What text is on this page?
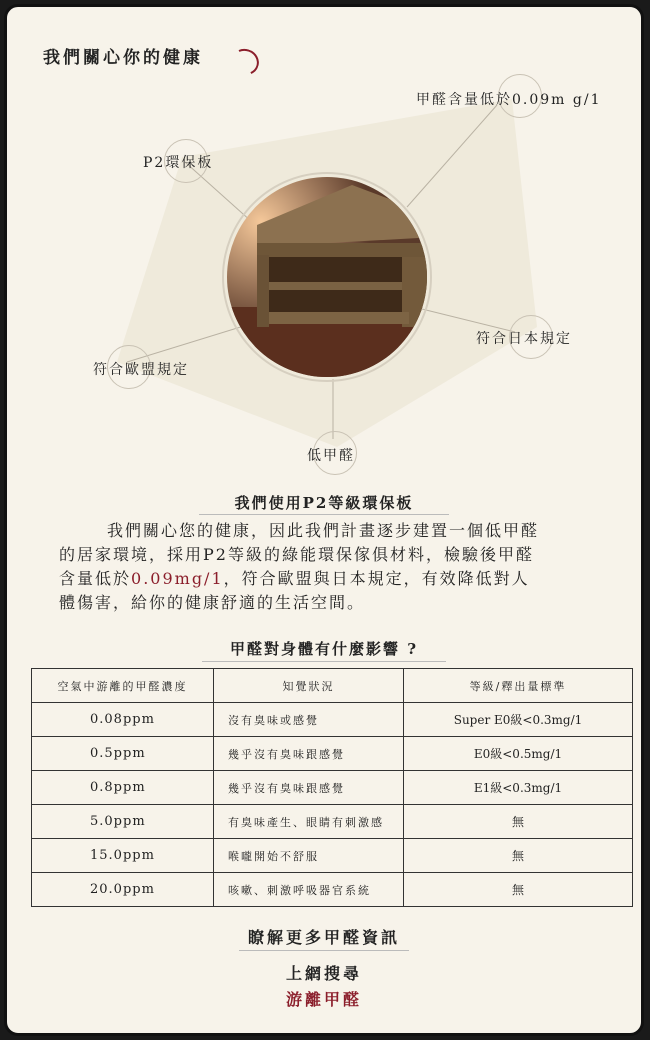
我們關心你的健康
甲醛含量低於0.09m g/1
P2環保板
符合日本規定
符合歐盟規定
低甲醛
我們使用P2等級環保板
我們關心您的健康，因此我們計畫逐步建置一個低甲醛
的居家環境，採用P2等級的綠能環保傢俱材料，檢驗後甲醛
含量低於0.09mg/1，符合歐盟與日本規定，有效降低對人
體傷害，給你的健康舒適的生活空間。
甲醛對身體有什麼影響 ?
空氣中游離的甲醛濃度	知覺狀況	等級/釋出量標準
0.08ppm	沒有臭味或感覺	Super E0級<0.3mg/1
0.5ppm	幾乎沒有臭味跟感覺	E0級<0.5mg/1
0.8ppm	幾乎沒有臭味跟感覺	E1級<0.3mg/1
5.0ppm	有臭味產生、眼睛有刺激感	無
15.0ppm	喉嚨開始不舒服	無
20.0ppm	咳嗽、刺激呼吸器官系統	無
瞭解更多甲醛資訊
上網搜尋
游離甲醛
